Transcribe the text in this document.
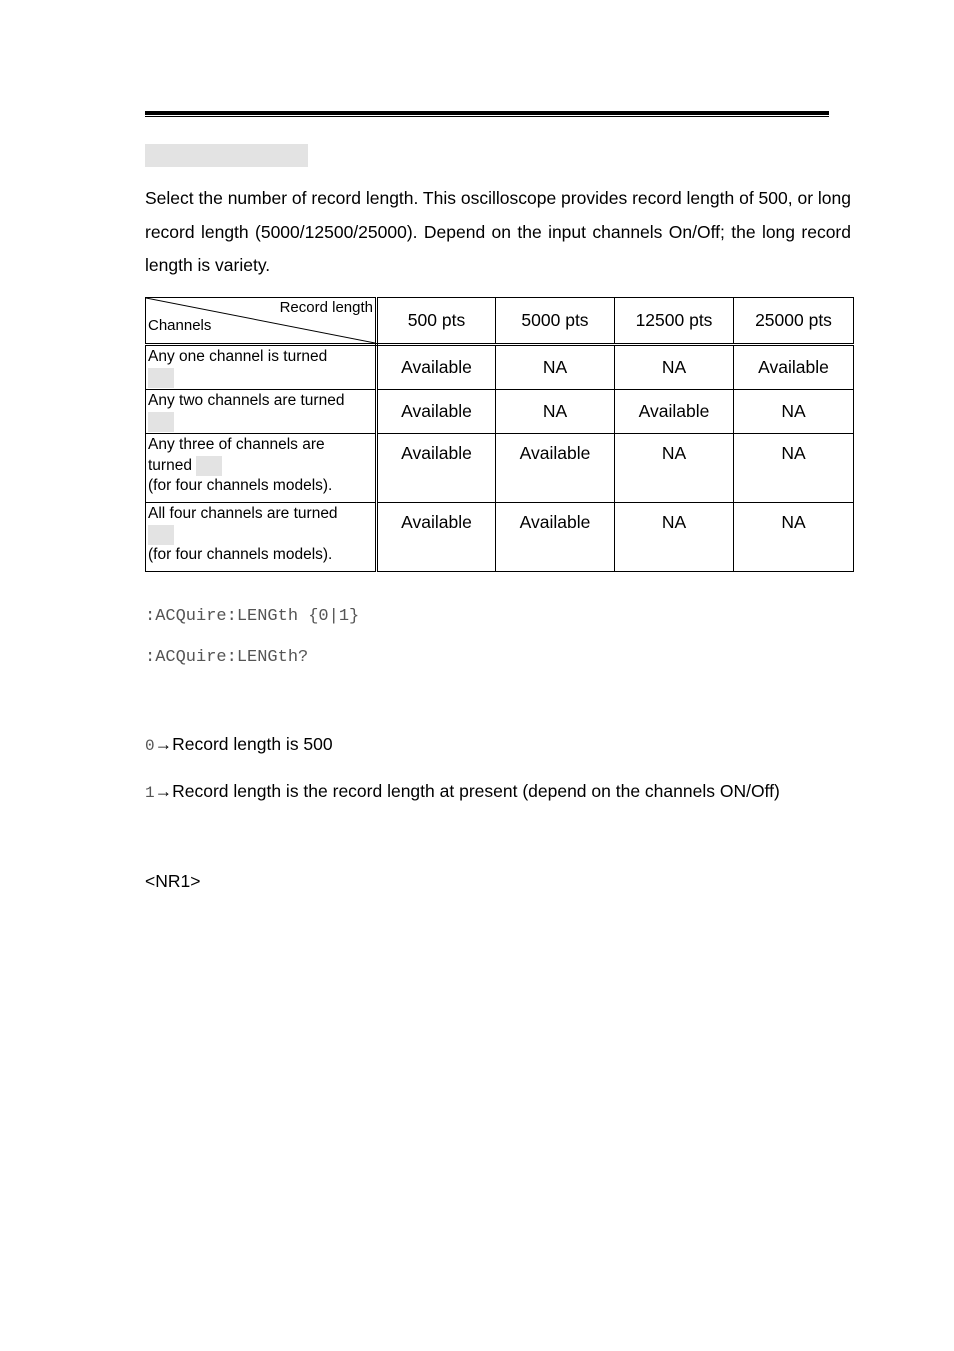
Select the number of record length. This oscilloscope provides record length of 500, or long record length (5000/12500/25000). Depend on the input channels On/Off; the long record length is variety.

Record length
Channels	500 pts	5000 pts	12500 pts	25000 pts

Any one channel is turned	Available	NA	NA	Available

Any two channels are turned	Available	NA	Available	NA

Any three of channels are
turned
(for four channels models).	Available	Available	NA	NA

All four channels are turned
(for four channels models).	Available	Available	NA	NA
:ACQuire:LENGth {0|1}
:ACQuire:LENGth?
0→Record length is 500
1→Record length is the record length at present (depend on the channels ON/Off)
<NR1>
